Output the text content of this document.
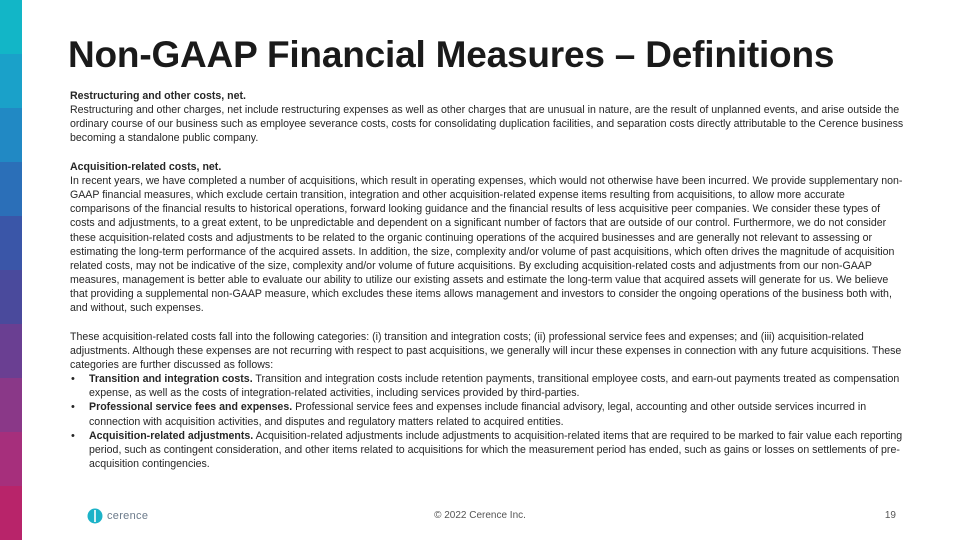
Non-GAAP Financial Measures – Definitions
Restructuring and other costs, net.

Restructuring and other charges, net include restructuring expenses as well as other charges that are unusual in nature, are the result of unplanned events, and arise outside the ordinary course of our business such as employee severance costs, costs for consolidating duplication facilities, and separation costs directly attributable to the Cerence business becoming a standalone public company.

Acquisition-related costs, net.

In recent years, we have completed a number of acquisitions, which result in operating expenses, which would not otherwise have been incurred. We provide supplementary non-GAAP financial measures, which exclude certain transition, integration and other acquisition-related expense items resulting from acquisitions, to allow more accurate comparisons of the financial results to historical operations, forward looking guidance and the financial results of less acquisitive peer companies. We consider these types of costs and adjustments, to a great extent, to be unpredictable and dependent on a significant number of factors that are outside of our control. Furthermore, we do not consider these acquisition-related costs and adjustments to be related to the organic continuing operations of the acquired businesses and are generally not relevant to assessing or estimating the long-term performance of the acquired assets. In addition, the size, complexity and/or volume of past acquisitions, which often drives the magnitude of acquisition related costs, may not be indicative of the size, complexity and/or volume of future acquisitions. By excluding acquisition-related costs and adjustments from our non-GAAP measures, management is better able to evaluate our ability to utilize our existing assets and estimate the long-term value that acquired assets will generate for us. We believe that providing a supplemental non-GAAP measure, which excludes these items allows management and investors to consider the ongoing operations of the business both with, and without, such expenses.

These acquisition-related costs fall into the following categories: (i) transition and integration costs; (ii) professional service fees and expenses; and (iii) acquisition-related adjustments. Although these expenses are not recurring with respect to past acquisitions, we generally will incur these expenses in connection with any future acquisitions. These categories are further discussed as follows:

• Transition and integration costs. Transition and integration costs include retention payments, transitional employee costs, and earn-out payments treated as compensation expense, as well as the costs of integration-related activities, including services provided by third-parties.
• Professional service fees and expenses. Professional service fees and expenses include financial advisory, legal, accounting and other outside services incurred in connection with acquisition activities, and disputes and regulatory matters related to acquired entities.
• Acquisition-related adjustments. Acquisition-related adjustments include adjustments to acquisition-related items that are required to be marked to fair value each reporting period, such as contingent consideration, and other items related to acquisitions for which the measurement period has ended, such as gains or losses on settlements of pre-acquisition contingencies.
cerence	© 2022 Cerence Inc.	19
